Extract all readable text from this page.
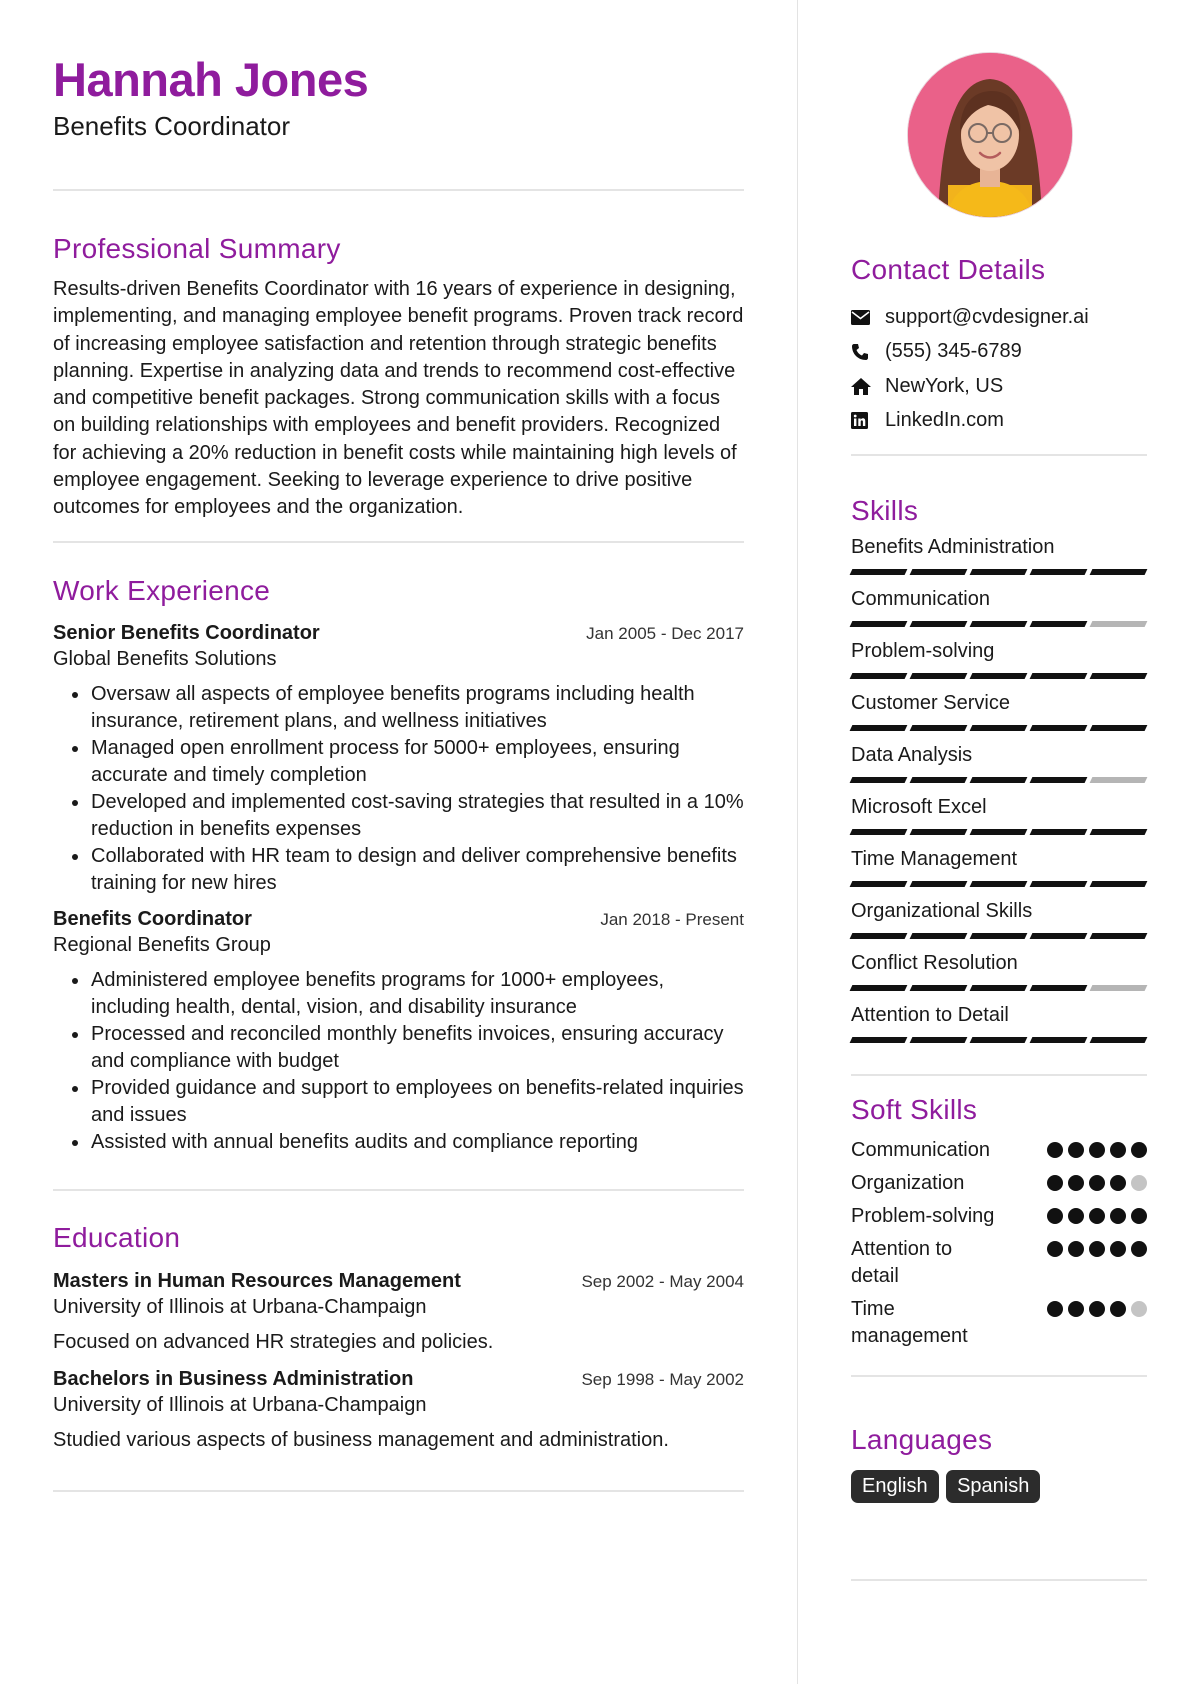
Hannah Jones
Benefits Coordinator
Professional Summary
Results-driven Benefits Coordinator with 16 years of experience in designing, implementing, and managing employee benefit programs. Proven track record of increasing employee satisfaction and retention through strategic benefits planning. Expertise in analyzing data and trends to recommend cost-effective and competitive benefit packages. Strong communication skills with a focus on building relationships with employees and benefit providers. Recognized for achieving a 20% reduction in benefit costs while maintaining high levels of employee engagement. Seeking to leverage experience to drive positive outcomes for employees and the organization.
Work Experience
Senior Benefits Coordinator	Jan 2005 - Dec 2017
Global Benefits Solutions
• Oversaw all aspects of employee benefits programs including health insurance, retirement plans, and wellness initiatives
• Managed open enrollment process for 5000+ employees, ensuring accurate and timely completion
• Developed and implemented cost-saving strategies that resulted in a 10% reduction in benefits expenses
• Collaborated with HR team to design and deliver comprehensive benefits training for new hires
Benefits Coordinator	Jan 2018 - Present
Regional Benefits Group
• Administered employee benefits programs for 1000+ employees, including health, dental, vision, and disability insurance
• Processed and reconciled monthly benefits invoices, ensuring accuracy and compliance with budget
• Provided guidance and support to employees on benefits-related inquiries and issues
• Assisted with annual benefits audits and compliance reporting
Education
Masters in Human Resources Management	Sep 2002 - May 2004
University of Illinois at Urbana-Champaign
Focused on advanced HR strategies and policies.
Bachelors in Business Administration	Sep 1998 - May 2002
University of Illinois at Urbana-Champaign
Studied various aspects of business management and administration.
Contact Details
support@cvdesigner.ai
(555) 345-6789
NewYork, US
LinkedIn.com
Skills
Benefits Administration
Communication
Problem-solving
Customer Service
Data Analysis
Microsoft Excel
Time Management
Organizational Skills
Conflict Resolution
Attention to Detail
Soft Skills
Communication
Organization
Problem-solving
Attention to detail
Time management
Languages
English Spanish
